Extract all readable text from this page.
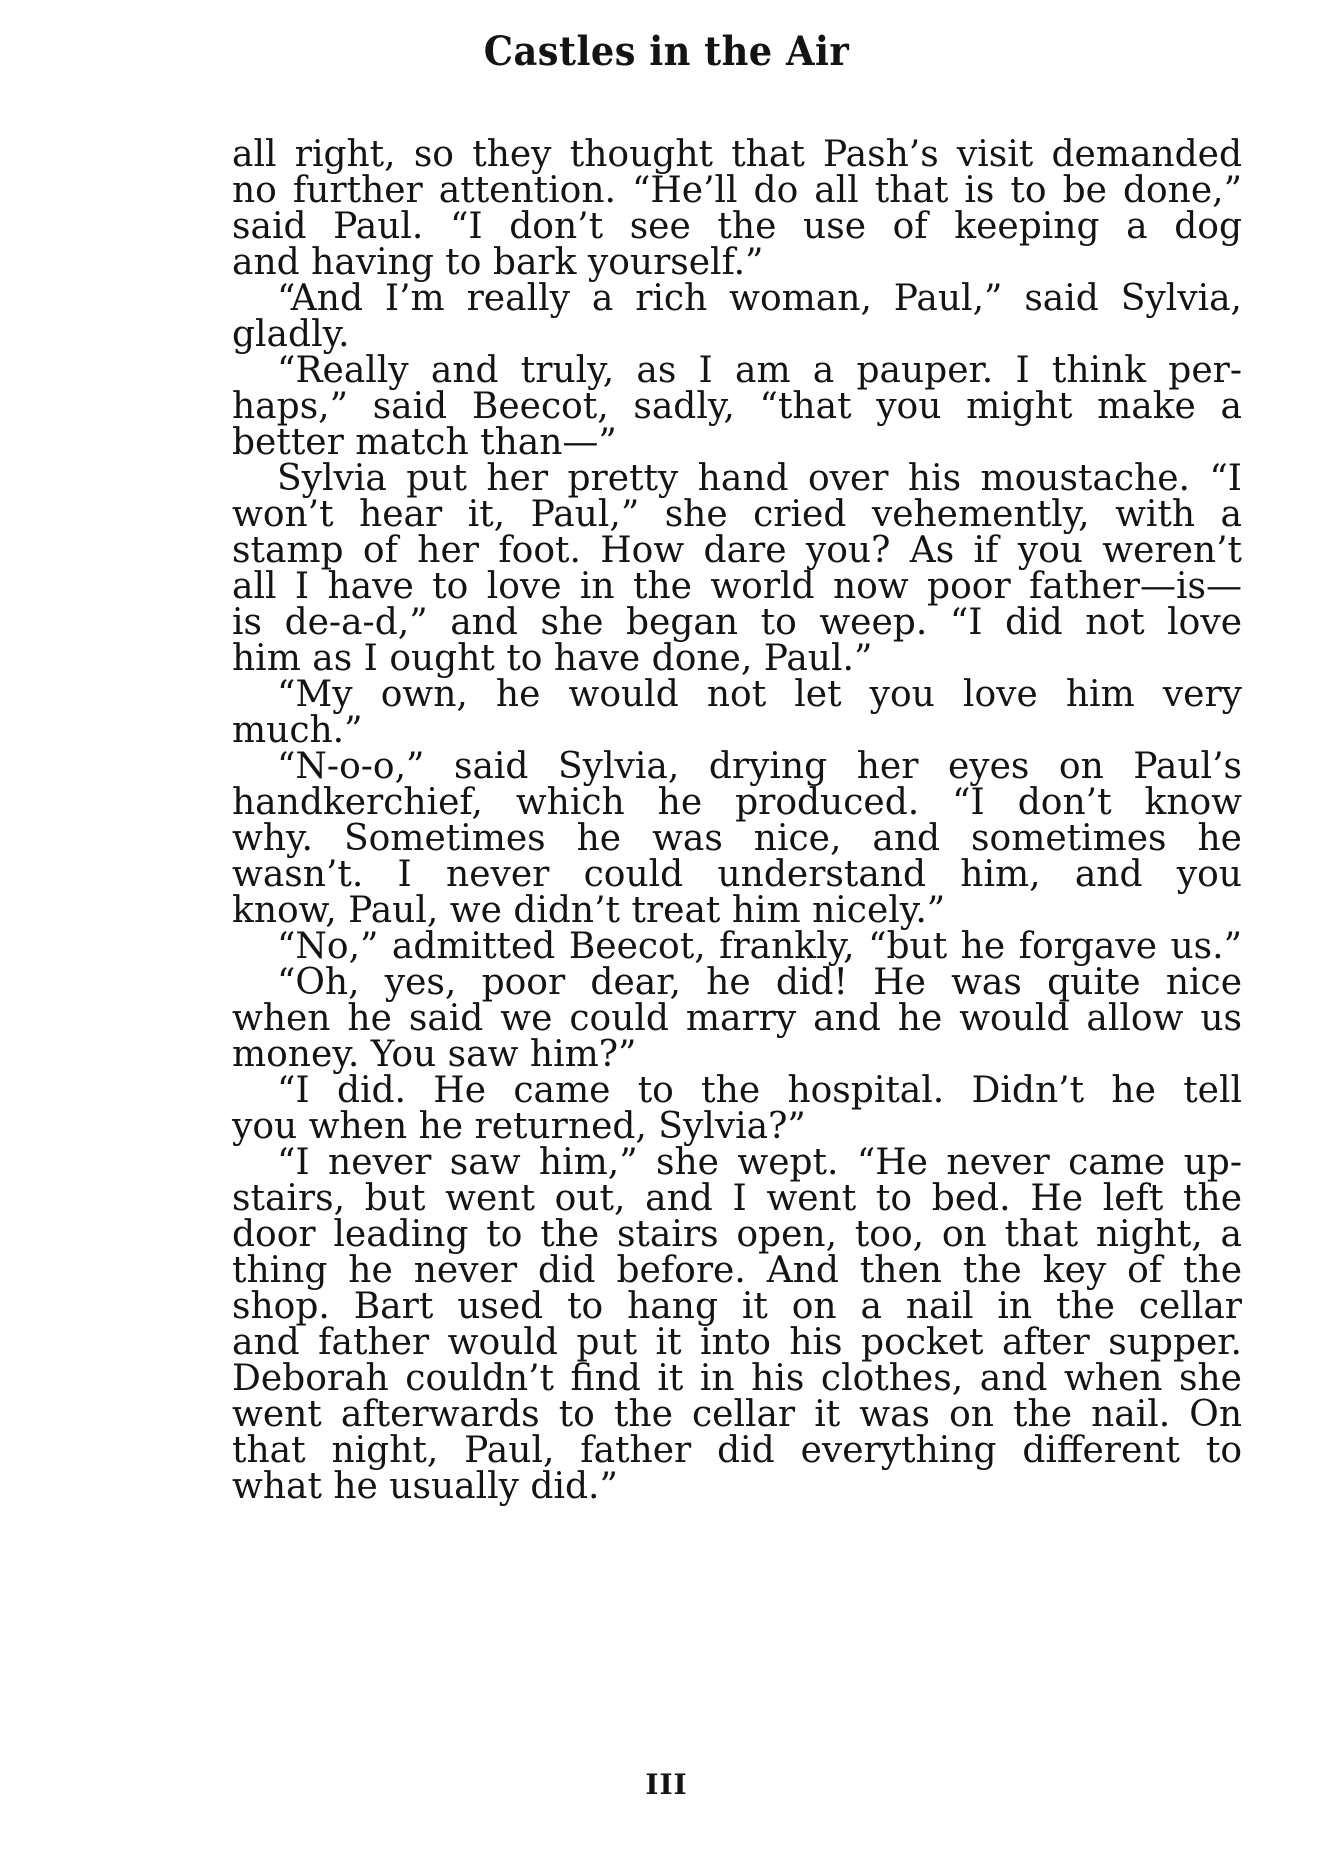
Castles in the Air
all right, so they thought that Pash’s visit demanded
no further attention. “He’ll do all that is to be done,”
said Paul. “I don’t see the use of keeping a dog
and having to bark yourself.”
“And I’m really a rich woman, Paul,” said Sylvia,
gladly.
“Really and truly, as I am a pauper. I think per-
haps,” said Beecot, sadly, “that you might make a
better match than—”
Sylvia put her pretty hand over his moustache. “I
won’t hear it, Paul,” she cried vehemently, with a
stamp of her foot. How dare you? As if you weren’t
all I have to love in the world now poor father—is—
is de-a-d,” and she began to weep. “I did not love
him as I ought to have done, Paul.”
“My own, he would not let you love him very
much.”
“N-o-o,” said Sylvia, drying her eyes on Paul’s
handkerchief, which he produced. “I don’t know
why. Sometimes he was nice, and sometimes he
wasn’t. I never could understand him, and you
know, Paul, we didn’t treat him nicely.”
“No,” admitted Beecot, frankly, “but he forgave us.”
“Oh, yes, poor dear, he did! He was quite nice
when he said we could marry and he would allow us
money. You saw him?”
“I did. He came to the hospital. Didn’t he tell
you when he returned, Sylvia?”
“I never saw him,” she wept. “He never came up-
stairs, but went out, and I went to bed. He left the
door leading to the stairs open, too, on that night, a
thing he never did before. And then the key of the
shop. Bart used to hang it on a nail in the cellar
and father would put it into his pocket after supper.
Deborah couldn’t find it in his clothes, and when she
went afterwards to the cellar it was on the nail. On
that night, Paul, father did everything different to
what he usually did.”
III
